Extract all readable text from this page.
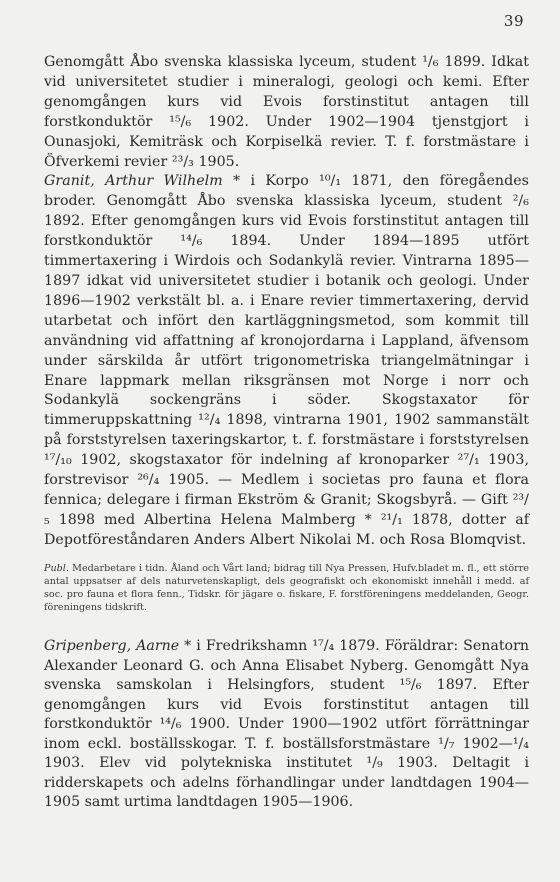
39

Genomgått Åbo svenska klassiska lyceum, student ¹/₆ 1899. Idkat vid universitetet studier i mineralogi, geologi och kemi. Efter genomgången kurs vid Evois forstinstitut antagen till forstkonduktör ¹⁵/₆ 1902. Under 1902—1904 tjenstgjort i Ounasjoki, Kemiträsk och Korpiselkä revier. T. f. forstmästare i Öfverkemi revier ²³/₃ 1905.

Granit, Arthur Wilhelm * i Korpo ¹⁰/₁ 1871, den föregåendes broder. Genomgått Åbo svenska klassiska lyceum, student ²/₆ 1892. Efter genomgången kurs vid Evois forstinstitut antagen till forstkonduktör ¹⁴/₆ 1894. Under 1894—1895 utfört timmertaxering i Wirdois och Sodankylä revier. Vintrarna 1895—1897 idkat vid universitetet studier i botanik och geologi. Under 1896—1902 verkstält bl. a. i Enare revier timmertaxering, dervid utarbetat och infört den kartläggningsmetod, som kommit till användning vid affattning af kronojordarna i Lappland, äfvensom under särskilda år utfört trigonometriska triangelmätningar i Enare lappmark mellan riksgränsen mot Norge i norr och Sodankylä sockengräns i söder. Skogstaxator för timmeruppskattning ¹²/₄ 1898, vintrarna 1901, 1902 sammanstält på forststyrelsen taxeringskartor, t. f. forstmästare i forststyrelsen ¹⁷/₁₀ 1902, skogstaxator för indelning af kronoparker ²⁷/₁ 1903, forstrevisor ²⁶/₄ 1905. — Medlem i societas pro fauna et flora fennica; delegare i firman Ekström & Granit; Skogsbyrå. — Gift ²³/₅ 1898 med Albertina Helena Malmberg * ²¹/₁ 1878, dotter af Depotföreståndaren Anders Albert Nikolai M. och Rosa Blomqvist.

Publ. Medarbetare i tidn. Åland och Vårt land; bidrag till Nya Pressen, Hufv.bladet m. fl., ett större antal uppsatser af dels naturvetenskapligt, dels geografiskt och ekonomiskt innehåll i medd. af soc. pro fauna et flora fenn., Tidskr. för jägare o. fiskare, F. forstföreningens meddelanden, Geogr. föreningens tidskrift.

Gripenberg, Aarne * i Fredrikshamn ¹⁷/₄ 1879. Föräldrar: Senatorn Alexander Leonard G. och Anna Elisabet Nyberg. Genomgått Nya svenska samskolan i Helsingfors, student ¹⁵/₆ 1897. Efter genomgången kurs vid Evois forstinstitut antagen till forstkonduktör ¹⁴/₆ 1900. Under 1900—1902 utfört förrättningar inom eckl. boställsskogar. T. f. boställsforstmästare ¹/₇ 1902—¹/₄ 1903. Elev vid polytekniska institutet ¹/₉ 1903. Deltagit i ridderskapets och adelns förhandlingar under landtdagen 1904—1905 samt urtima landtdagen 1905—1906.
